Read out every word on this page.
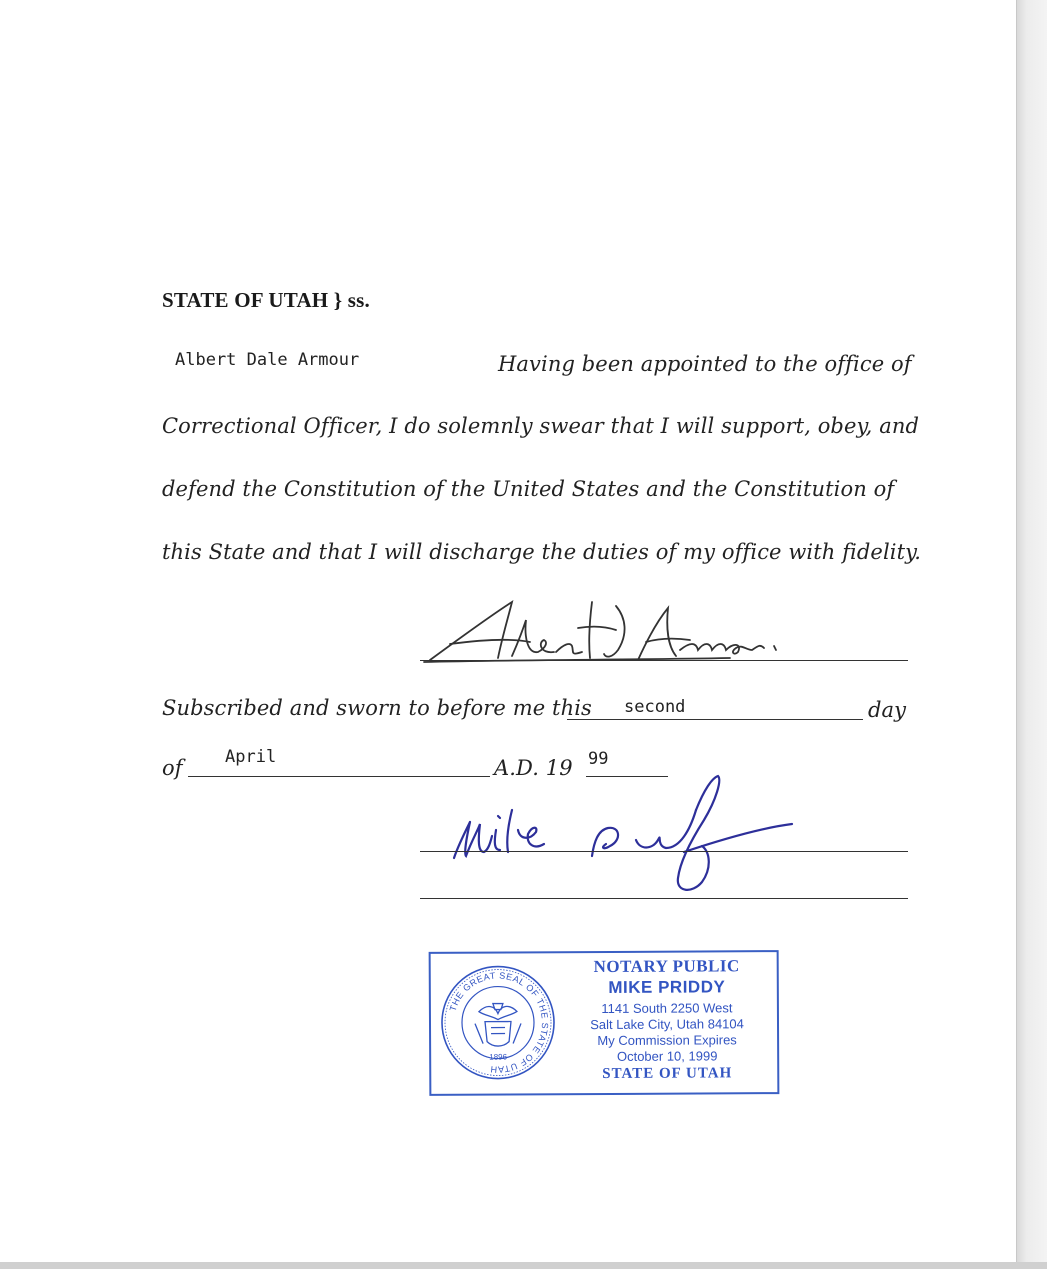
STATE OF UTAH } ss.
Albert Dale Armour	Having been appointed to the office of
Correctional Officer, I do solemnly swear that I will support, obey, and
defend the Constitution of the United States and the Constitution of
this State and that I will discharge the duties of my office with fidelity.
Subscribed and sworn to before me this second	day
of April	A.D. 19 99
THE GREAT SEAL OF THE STATE OF UTAH
1896
NOTARY PUBLIC
MIKE PRIDDY
1141 South 2250 West
Salt Lake City, Utah 84104
My Commission Expires
October 10, 1999
STATE OF UTAH
